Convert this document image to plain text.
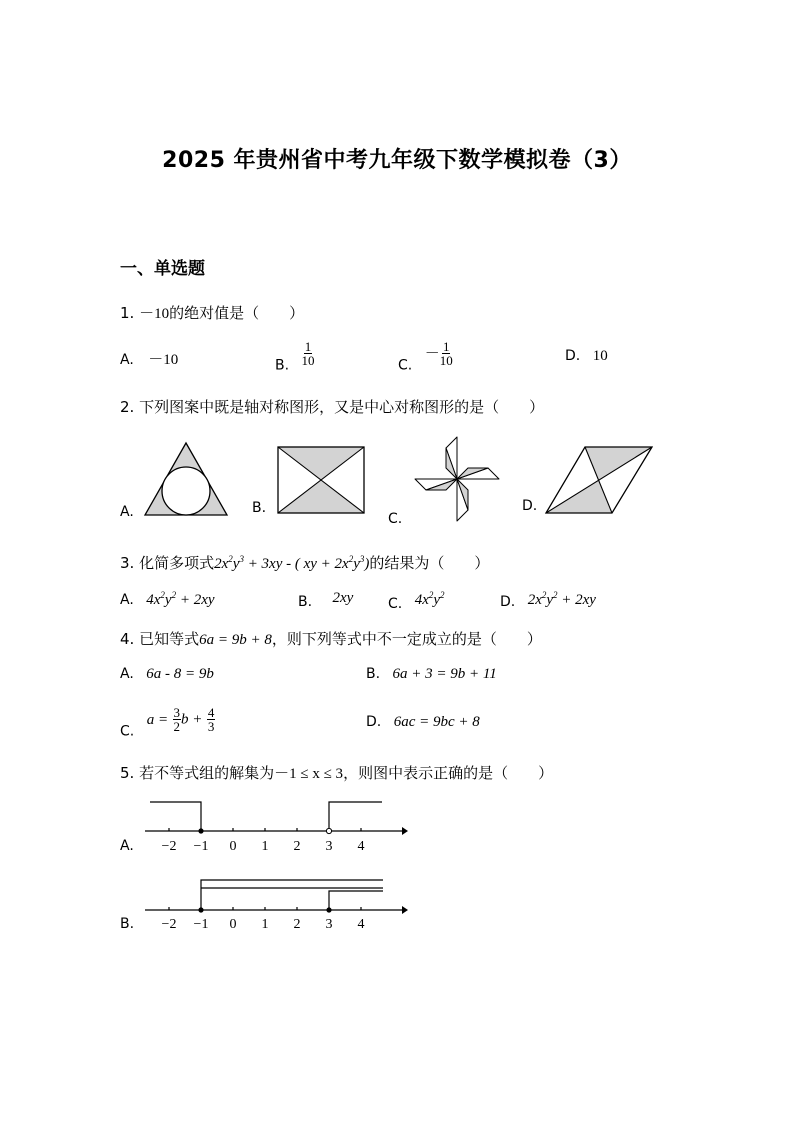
2025 年贵州省中考九年级下数学模拟卷（3）
一、单选题
1. －10的绝对值是（　　）
A. －10	B. $\frac{1}{10}$	C. － $\frac{1}{10}$	D. 10
2. 下列图案中既是轴对称图形，又是中心对称图形的是（　　）
A.	B.
C.
D.
3. 化简多项式$2x^2y^3 + 3xy$ - ( xy + $2x^2y^3$)的结果为（　　）
A. $4x^2y^2 + 2xy$	B. 2xy C. $4x^2y^2$	D. $2x^2y^2 + 2xy$
4. 已知等式6a = 9b + 8，则下列等式中不一定成立的是（　　）
A. 6a - 8 = 9b	B. 6a + 3 = 9b + 11
C. $a = \frac{3}{2}$ $b + \frac{4}{3}$	D. 6ac = 9bc + 8
5. 若不等式组的解集为－1 ≤ x ≤ 3，则图中表示正确的是（　　）
A. −2 −1 0 1 2 3 4
B. −2 −1 0 1 2 3 4
